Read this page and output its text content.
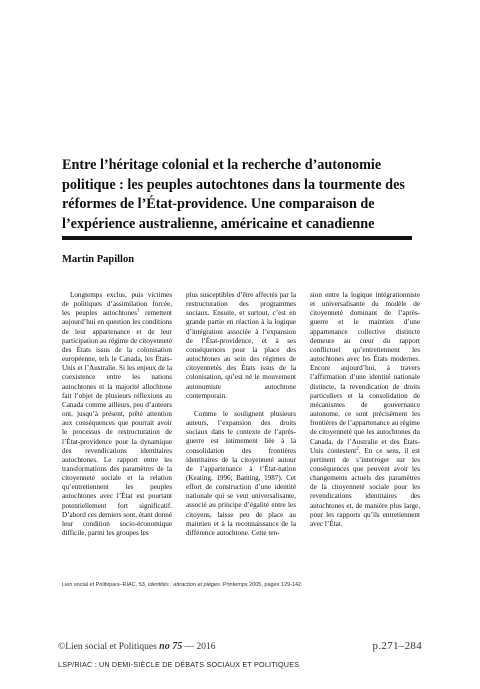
Entre l’héritage colonial et la recherche d’autonomie politique : les peuples autochtones dans la tourmente des réformes de l’État-providence. Une comparaison de l’expérience australienne, américaine et canadienne

Martin Papillon

Longtemps exclus, puis victimes de politiques d’assimilation forcée, les peuples autochtones$^1$ remettent aujourd’hui en question les conditions de leur appartenance et de leur participation au régime de citoyenneté des États issus de la colonisation européenne, tels le Canada, les États-Unis et l’Australie. Si les enjeux de la coexistence entre les nations autochtones et la majorité allochtone fait l’objet de plusieurs réflexions au Canada comme ailleurs, peu d’auteurs ont, jusqu’à présent, prêté attention aux conséquences que pourrait avoir le processus de restructuration de l’État-providence pour la dynamique des revendications identitaires autochtones. Le rapport entre les transformations des paramètres de la citoyenneté sociale et la relation qu’entretiennent les peuples autochtones avec l’État est pourtant potentiellement fort significatif. D’abord ces derniers sont, étant donné leur condition socio-économique difficile, parmi les groupes les

plus susceptibles d’être affectés par la restructuration des programmes sociaux. Ensuite, et surtout, c’est en grande partie en réaction à la logique d’intégration associée à l’expansion de l’État-providence, et à ses conséquences pour la place des autochtones au sein des régimes de citoyennetés des États issus de la colonisation, qu’est né le mouvement autonomiste autochtone contemporain.

Comme le soulignent plusieurs auteurs, l’expansion des droits sociaux dans le contexte de l’après-guerre est intimement liée à la consolidation des frontières identitaires de la citoyenneté autour de l’appartenance à l’État-nation (Keating, 1996; Banting, 1987). Cet effort de construction d’une identité nationale qui se veut universalisante, associé au principe d’égalité entre les citoyens, laisse peu de place au maintien et à la reconnaissance de la différence autochtone. Cette ten-

sion entre la logique intégrationniste et universalisante du modèle de citoyenneté dominant de l’après-guerre et le maintien d’une appartenance collective distincte demeure au cœur du rapport conflictuel qu’entretiennent les autochtones avec les États modernes. Encore aujourd’hui, à travers l’affirmation d’une identité nationale distincte, la revendication de droits particuliers et la consolidation de mécanismes de gouvernance autonome, ce sont précisément les frontières de l’appartenance au régime de citoyenneté que les autochtones du Canada, de l’Australie et des États-Unis contestent$^2$. En ce sens, il est pertinent de s’interroger sur les conséquences que peuvent avoir les changements actuels des paramètres de la citoyenneté sociale pour les revendications identitaires des autochtones et, de manière plus large, pour les rapports qu’ils entretiennent avec l’État.

Lien social et Politiques–RIAC, 53, Identités : attraction et pièges. Printemps 2005, pages 129-142.

©Lien social et Politiques no 75 — 2016	p.271–284
LSP/RIAC : UN DEMI-SIÈCLE DE DÉBATS SOCIAUX ET POLITIQUES
